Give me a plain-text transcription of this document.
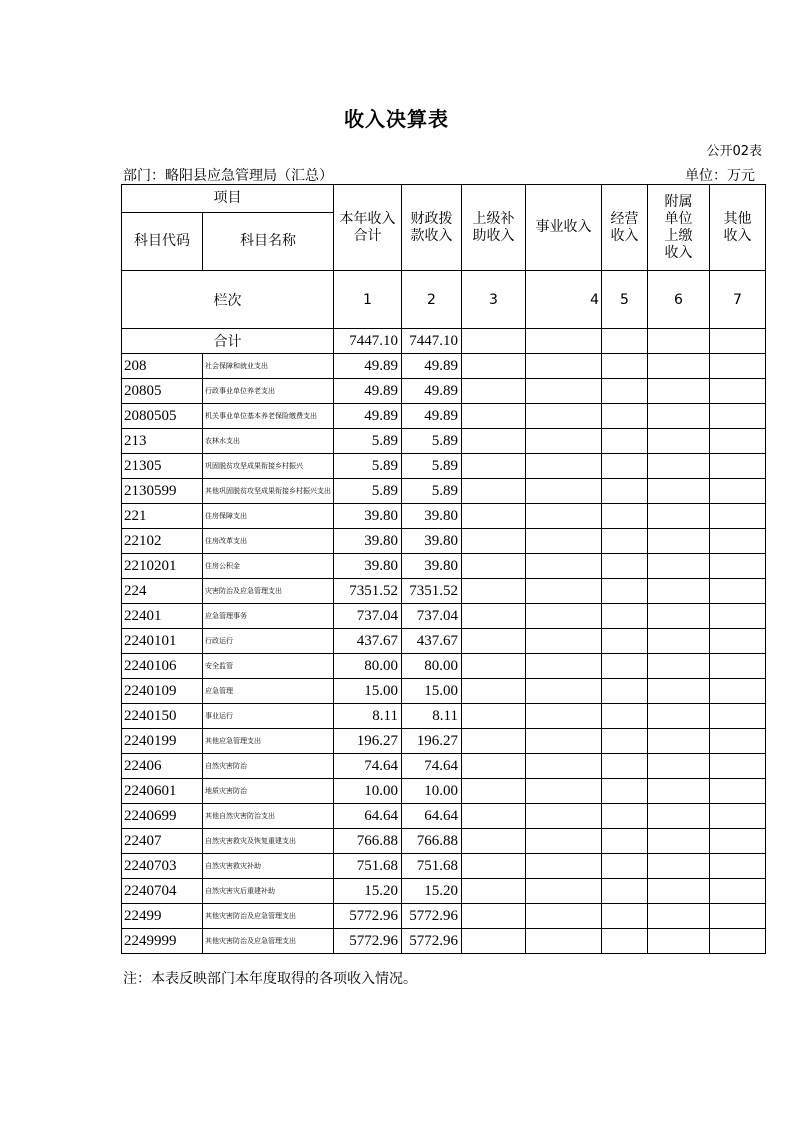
收入决算表
公开02表
部门：略阳县应急管理局（汇总）	单位：万元
项目		本年收入合计	财政拨款收入	上级补助收入	事业收入	经营收入	附属单位上缴收入	其他收入
科目代码	科目名称							
栏次		1	2	3	4	5	6	7
合计		7447.10	7447.10					
208	社会保障和就业支出	49.89	49.89					
20805	行政事业单位养老支出	49.89	49.89					
2080505	机关事业单位基本养老保险缴费支出	49.89	49.89					
213	农林水支出	5.89	5.89					
21305	巩固脱贫攻坚成果衔接乡村振兴	5.89	5.89					
2130599	其他巩固脱贫攻坚成果衔接乡村振兴支出	5.89	5.89					
221	住房保障支出	39.80	39.80					
22102	住房改革支出	39.80	39.80					
2210201	住房公积金	39.80	39.80					
224	灾害防治及应急管理支出	7351.52	7351.52					
22401	应急管理事务	737.04	737.04					
2240101	行政运行	437.67	437.67					
2240106	安全监管	80.00	80.00					
2240109	应急管理	15.00	15.00					
2240150	事业运行	8.11	8.11					
2240199	其他应急管理支出	196.27	196.27					
22406	自然灾害防治	74.64	74.64					
2240601	地质灾害防治	10.00	10.00					
2240699	其他自然灾害防治支出	64.64	64.64					
22407	自然灾害救灾及恢复重建支出	766.88	766.88					
2240703	自然灾害救灾补助	751.68	751.68					
2240704	自然灾害灾后重建补助	15.20	15.20					
22499	其他灾害防治及应急管理支出	5772.96	5772.96					
2249999	其他灾害防治及应急管理支出	5772.96	5772.96					
注：本表反映部门本年度取得的各项收入情况。
